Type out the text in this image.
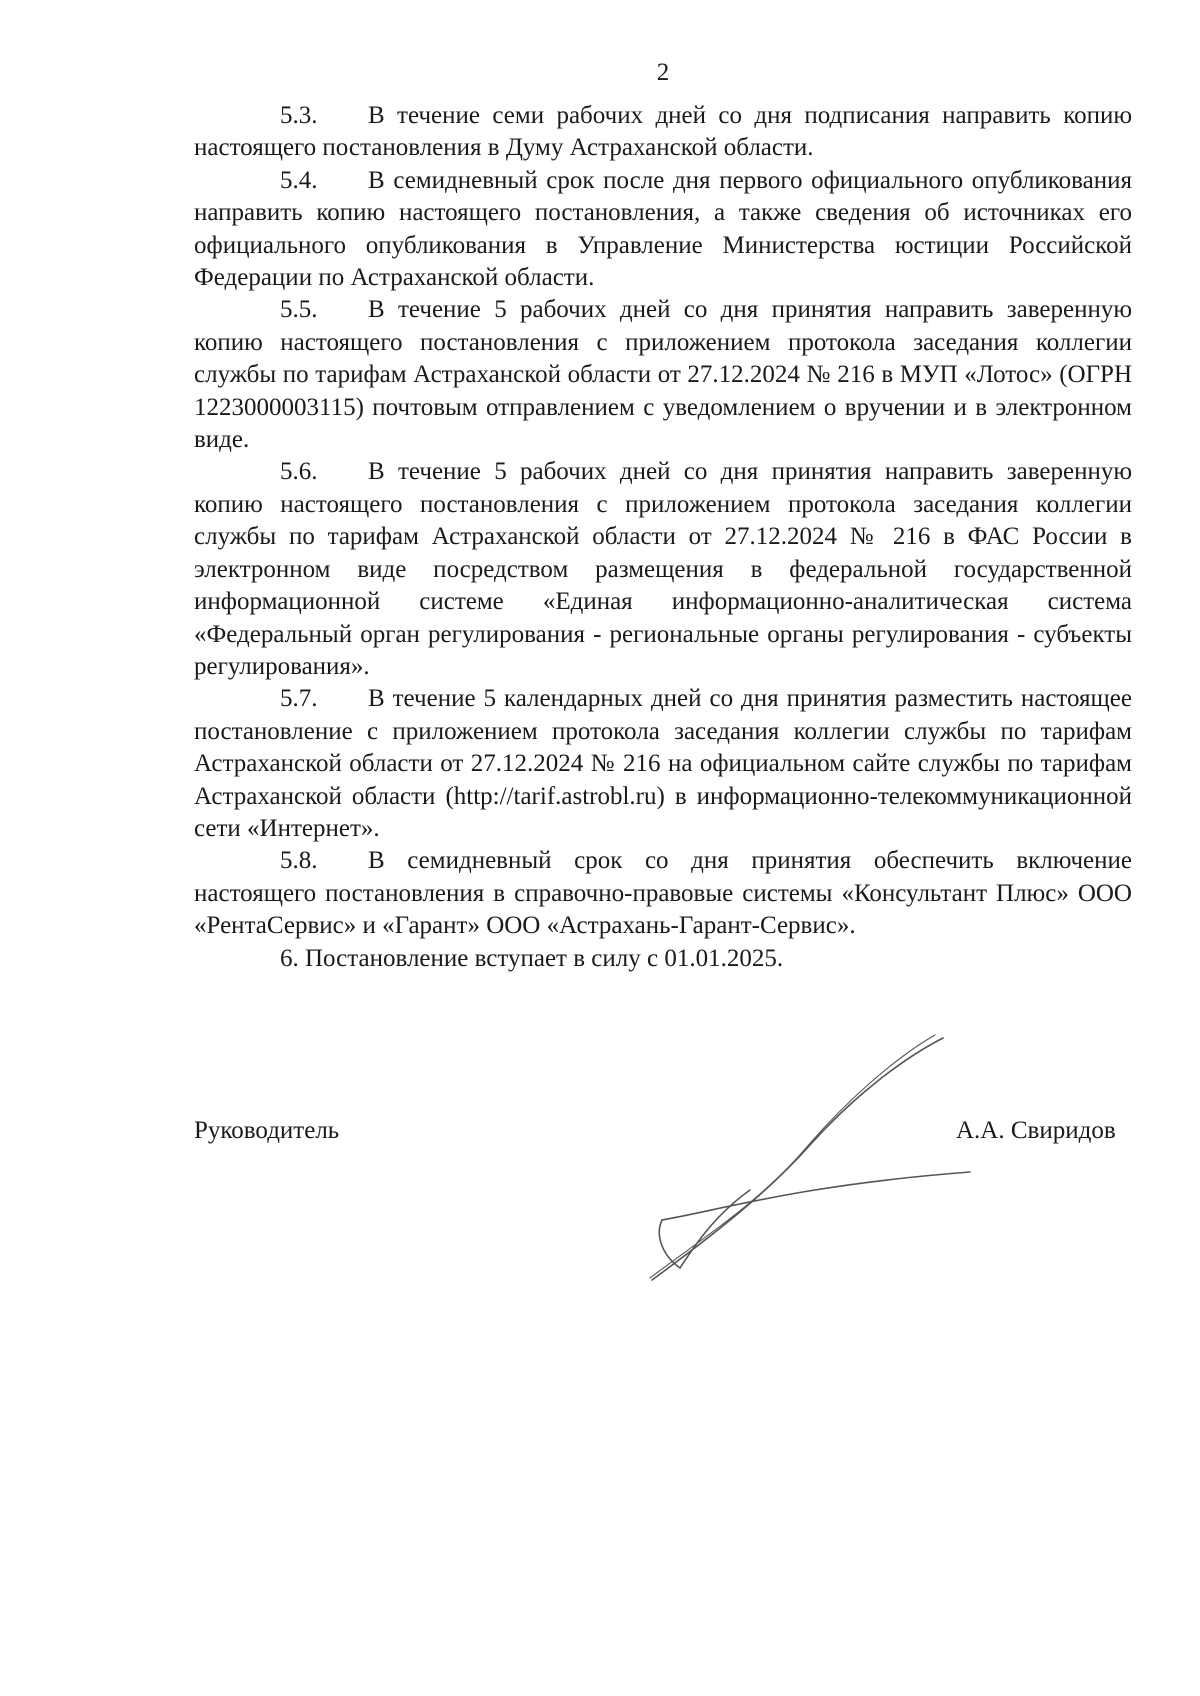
2

5.3. В течение семи рабочих дней со дня подписания направить копию настоящего постановления в Думу Астраханской области.

5.4. В семидневный срок после дня первого официального опубликования направить копию настоящего постановления, а также сведения об источниках его официального опубликования в Управление Министерства юстиции Российской Федерации по Астраханской области.

5.5. В течение 5 рабочих дней со дня принятия направить заверенную копию настоящего постановления с приложением протокола заседания коллегии службы по тарифам Астраханской области от 27.12.2024 № 216 в МУП «Лотос» (ОГРН 1223000003115) почтовым отправлением с уведомлением о вручении и в электронном виде.

5.6. В течение 5 рабочих дней со дня принятия направить заверенную копию настоящего постановления с приложением протокола заседания коллегии службы по тарифам Астраханской области от 27.12.2024 № 216 в ФАС России в электронном виде посредством размещения в федеральной государственной информационной системе «Единая информационно-аналитическая система «Федеральный орган регулирования - региональные органы регулирования - субъекты регулирования».

5.7. В течение 5 календарных дней со дня принятия разместить настоящее постановление с приложением протокола заседания коллегии службы по тарифам Астраханской области от 27.12.2024 № 216 на официальном сайте службы по тарифам Астраханской области (http://tarif.astrobl.ru) в информационно-телекоммуникационной сети «Интернет».

5.8. В семидневный срок со дня принятия обеспечить включение настоящего постановления в справочно-правовые системы «Консультант Плюс» ООО «РентаСервис» и «Гарант» ООО «Астрахань-Гарант-Сервис».

6. Постановление вступает в силу с 01.01.2025.

Руководитель	А.А. Свиридов
